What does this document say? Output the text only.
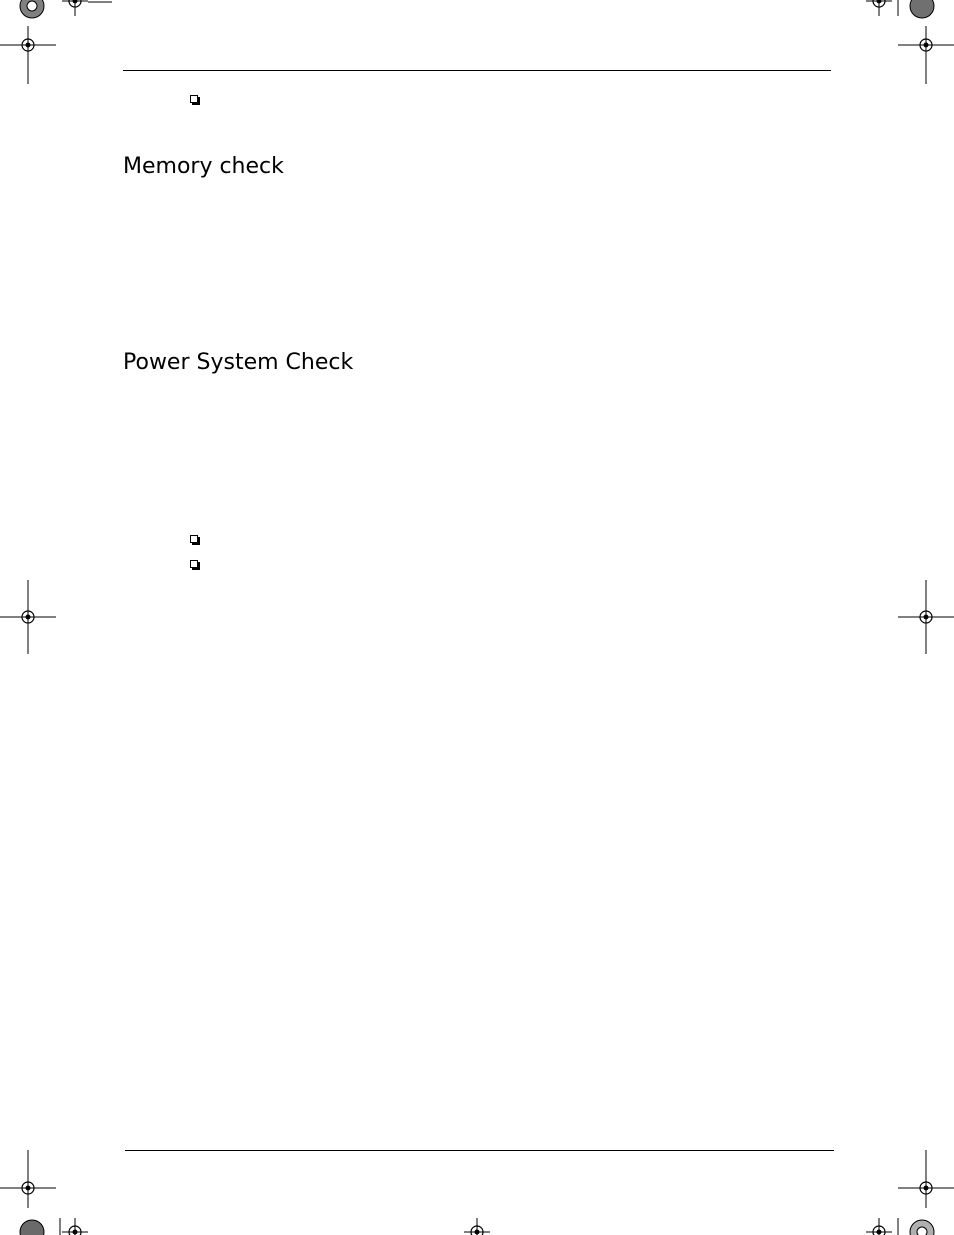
Memory check
Power System Check
